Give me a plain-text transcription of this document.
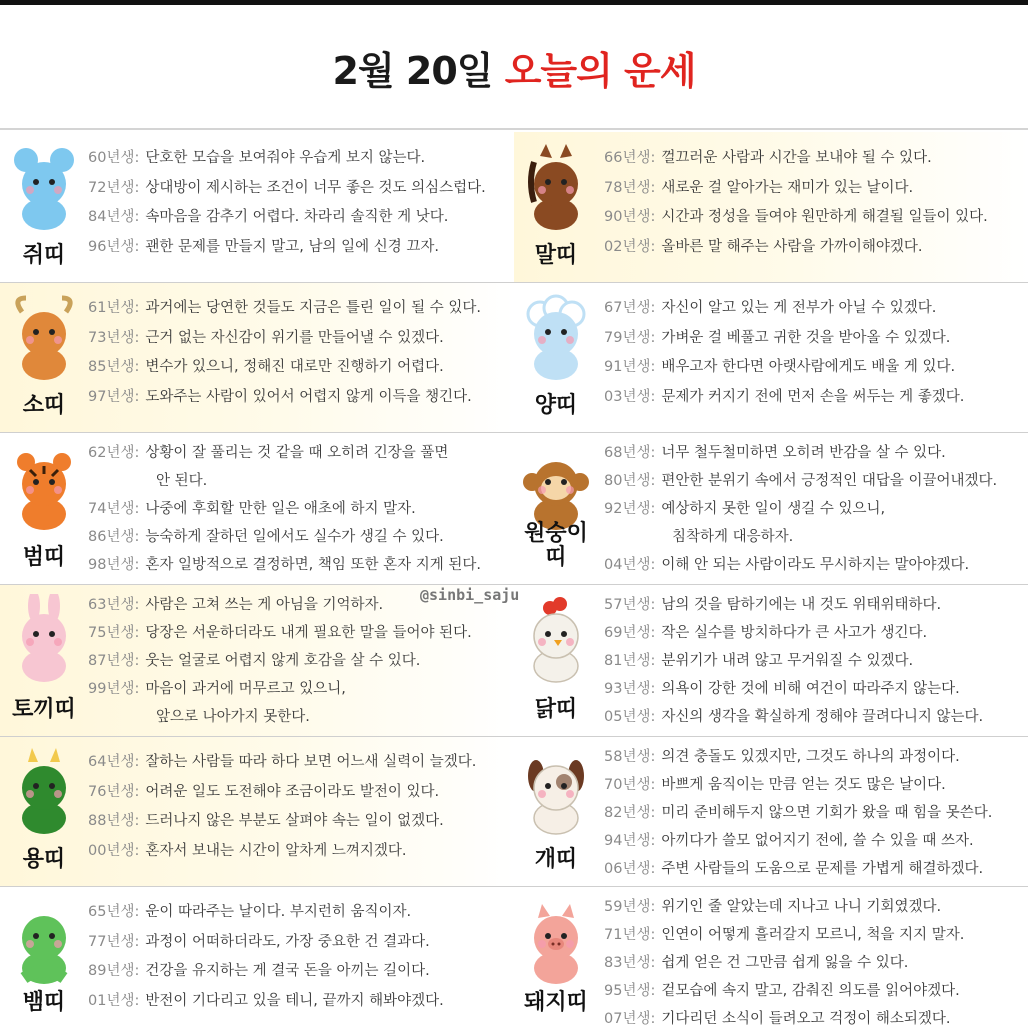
2월 20일 오늘의 운세
쥐띠
60년생: 단호한 모습을 보여줘야 우습게 보지 않는다.
72년생: 상대방이 제시하는 조건이 너무 좋은 것도 의심스럽다.
84년생: 속마음을 감추기 어렵다. 차라리 솔직한 게 낫다.
96년생: 괜한 문제를 만들지 말고, 남의 일에 신경 끄자.	말띠
66년생: 껄끄러운 사람과 시간을 보내야 될 수 있다.
78년생: 새로운 걸 알아가는 재미가 있는 날이다.
90년생: 시간과 정성을 들여야 원만하게 해결될 일들이 있다.
02년생: 올바른 말 해주는 사람을 가까이해야겠다.
소띠
61년생: 과거에는 당연한 것들도 지금은 틀린 일이 될 수 있다.
73년생: 근거 없는 자신감이 위기를 만들어낼 수 있겠다.
85년생: 변수가 있으니, 정해진 대로만 진행하기 어렵다.
97년생: 도와주는 사람이 있어서 어렵지 않게 이득을 챙긴다.	양띠
67년생: 자신이 알고 있는 게 전부가 아닐 수 있겠다.
79년생: 가벼운 걸 베풀고 귀한 것을 받아올 수 있겠다.
91년생: 배우고자 한다면 아랫사람에게도 배울 게 있다.
03년생: 문제가 커지기 전에 먼저 손을 써두는 게 좋겠다.
범띠
62년생: 상황이 잘 풀리는 것 같을 때 오히려 긴장을 풀면
안 된다.
74년생: 나중에 후회할 만한 일은 애초에 하지 말자.
86년생: 능숙하게 잘하던 일에서도 실수가 생길 수 있다.
98년생: 혼자 일방적으로 결정하면, 책임 또한 혼자 지게 된다.
원숭이
띠
68년생: 너무 철두철미하면 오히려 반감을 살 수 있다.
80년생: 편안한 분위기 속에서 긍정적인 대답을 이끌어내겠다.
92년생: 예상하지 못한 일이 생길 수 있으니,
침착하게 대응하자.
04년생: 이해 안 되는 사람이라도 무시하지는 말아야겠다.
토끼띠
63년생: 사람은 고쳐 쓰는 게 아님을 기억하자.
75년생: 당장은 서운하더라도 내게 필요한 말을 들어야 된다.
87년생: 웃는 얼굴로 어렵지 않게 호감을 살 수 있다.
99년생: 마음이 과거에 머무르고 있으니,
앞으로 나아가지 못한다.	닭띠
57년생: 남의 것을 탐하기에는 내 것도 위태위태하다.
69년생: 작은 실수를 방치하다가 큰 사고가 생긴다.
81년생: 분위기가 내려 않고 무거워질 수 있겠다.
93년생: 의욕이 강한 것에 비해 여건이 따라주지 않는다.
05년생: 자신의 생각을 확실하게 정해야 끌려다니지 않는다.
용띠
64년생: 잘하는 사람들 따라 하다 보면 어느새 실력이 늘겠다.
76년생: 어려운 일도 도전해야 조금이라도 발전이 있다.
88년생: 드러나지 않은 부분도 살펴야 속는 일이 없겠다.
00년생: 혼자서 보내는 시간이 알차게 느껴지겠다.	개띠
58년생: 의견 충돌도 있겠지만, 그것도 하나의 과정이다.
70년생: 바쁘게 움직이는 만큼 얻는 것도 많은 날이다.
82년생: 미리 준비해두지 않으면 기회가 왔을 때 힘을 못쓴다.
94년생: 아끼다가 쓸모 없어지기 전에, 쓸 수 있을 때 쓰자.
06년생: 주변 사람들의 도움으로 문제를 가볍게 해결하겠다.
뱀띠
65년생: 운이 따라주는 날이다. 부지런히 움직이자.
77년생: 과정이 어떠하더라도, 가장 중요한 건 결과다.
89년생: 건강을 유지하는 게 결국 돈을 아끼는 길이다.
01년생: 반전이 기다리고 있을 테니, 끝까지 해봐야겠다.	돼지띠
59년생: 위기인 줄 알았는데 지나고 나니 기회였겠다.
71년생: 인연이 어떻게 흘러갈지 모르니, 척을 지지 말자.
83년생: 쉽게 얻은 건 그만큼 쉽게 잃을 수 있다.
95년생: 겉모습에 속지 말고, 감춰진 의도를 읽어야겠다.
07년생: 기다리던 소식이 들려오고 걱정이 해소되겠다.
@sinbi_saju
